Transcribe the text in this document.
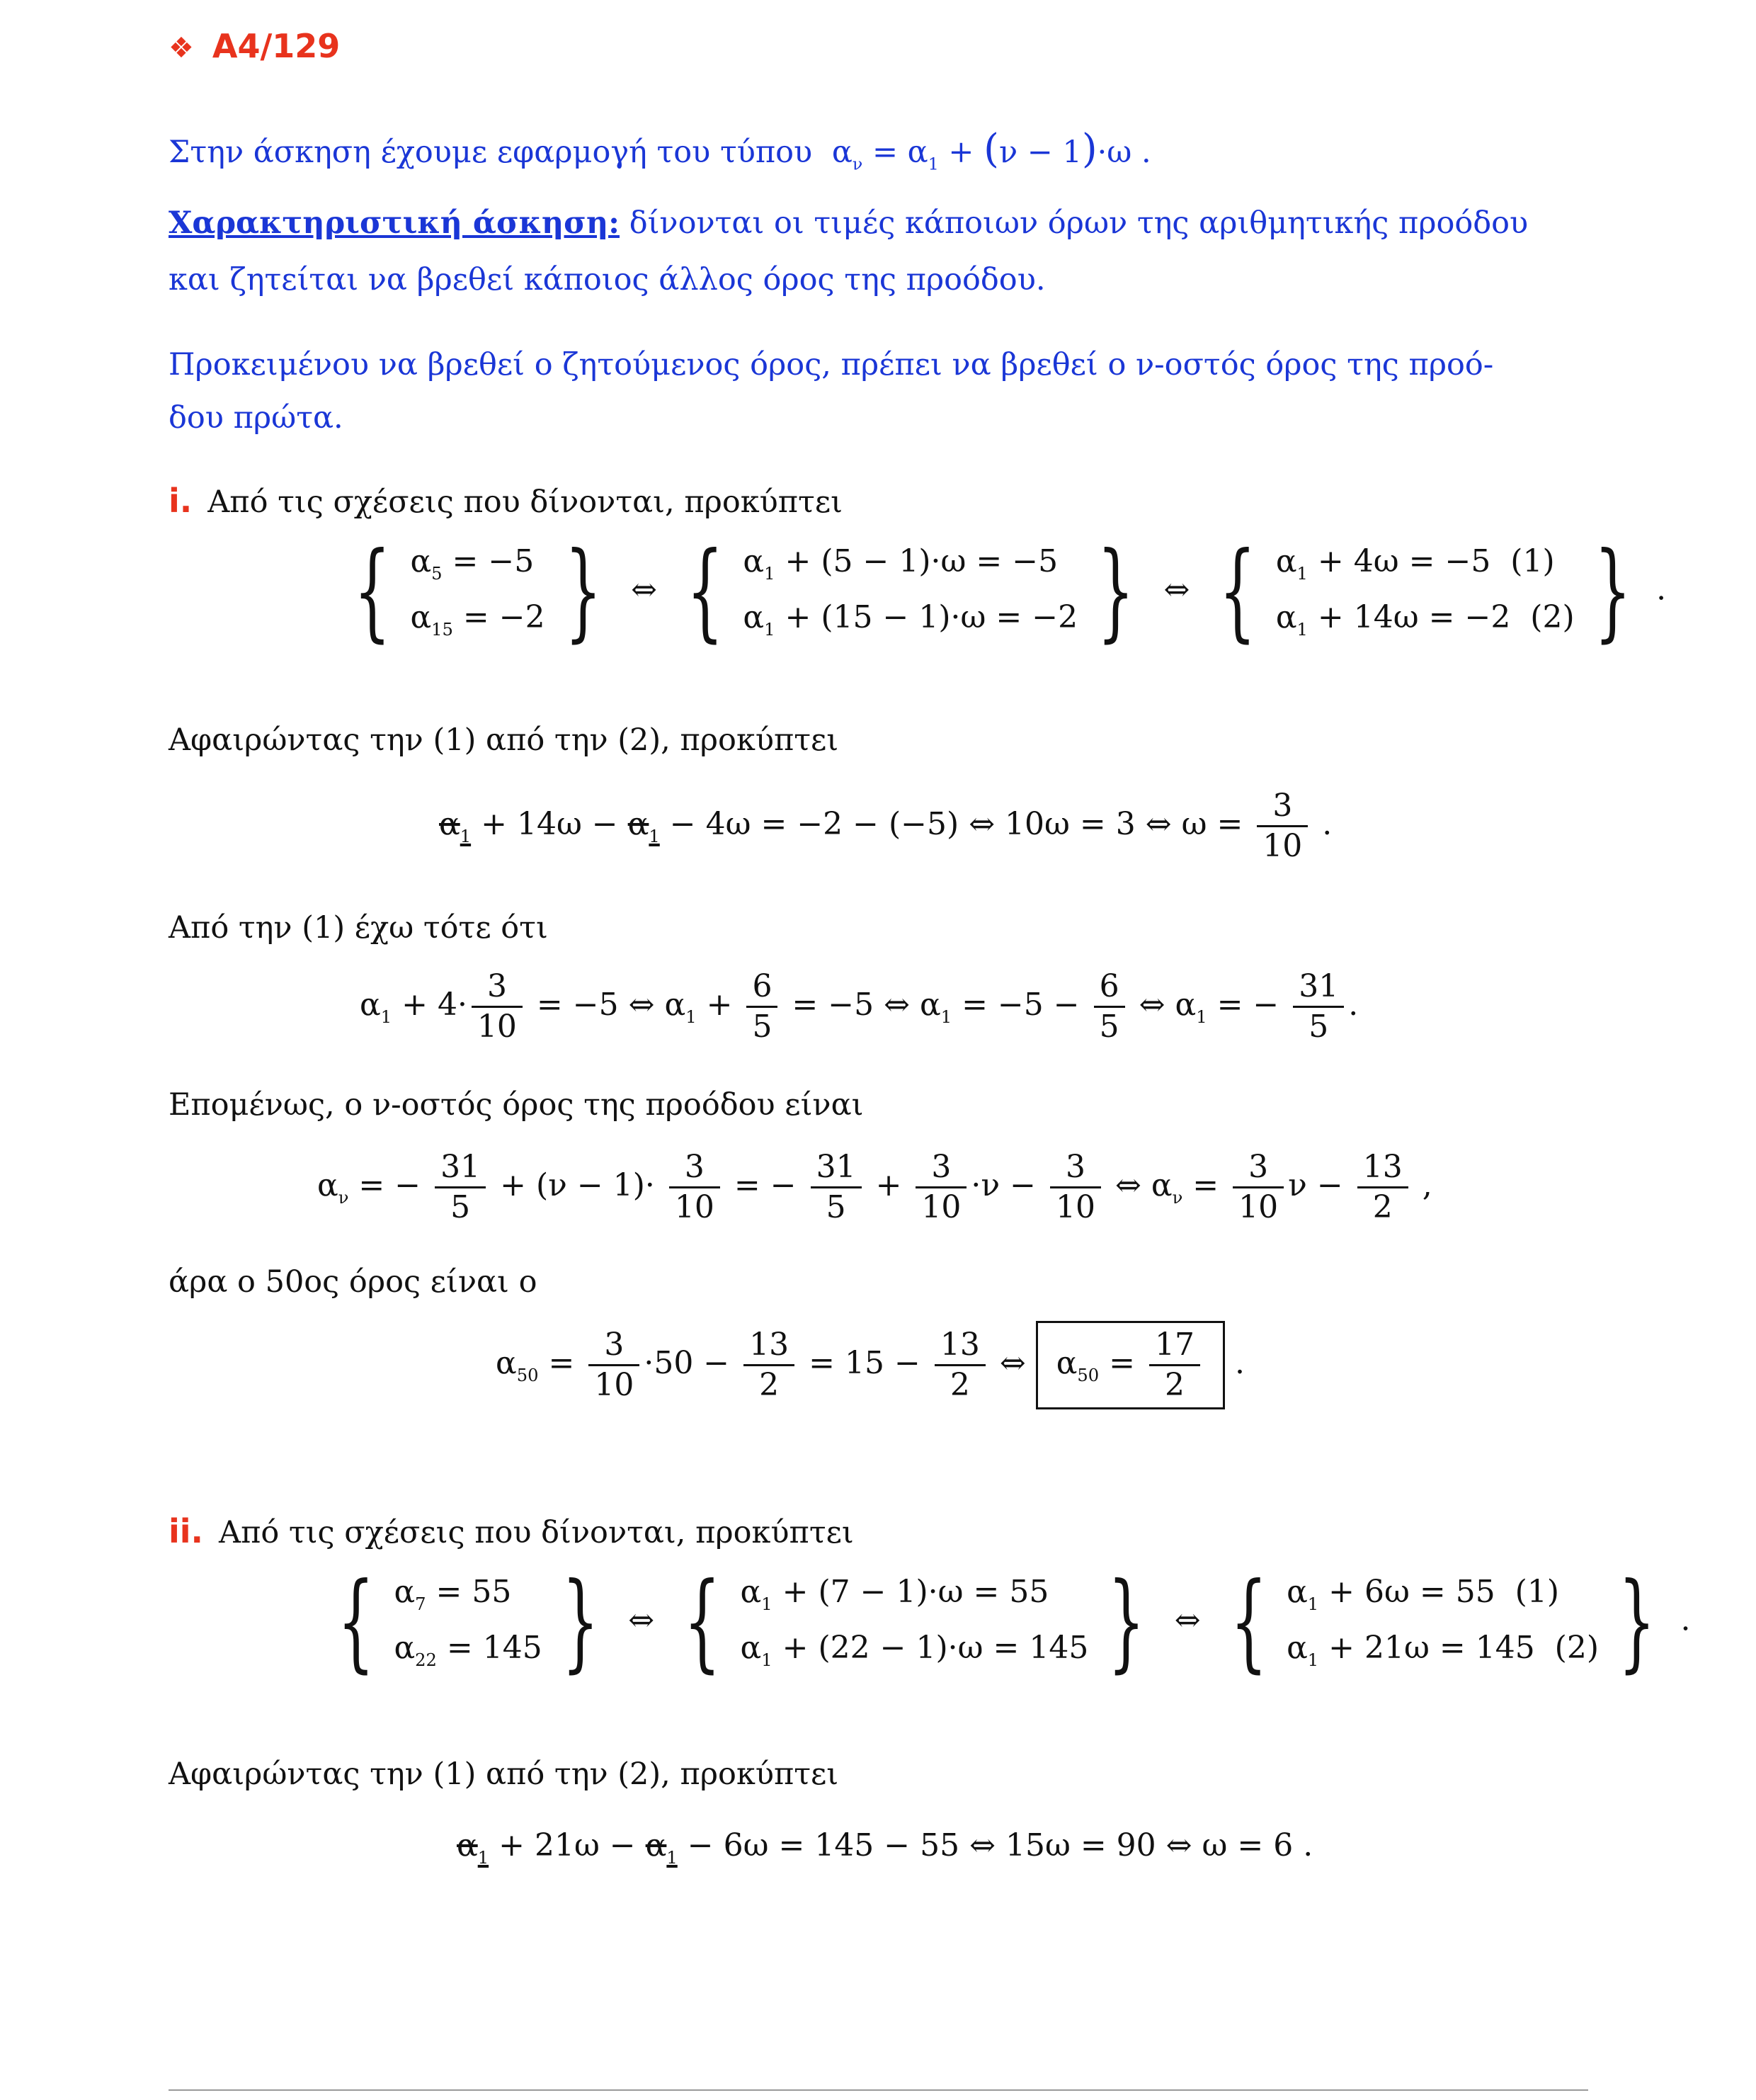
❖ A4/129
Στην άσκηση έχουμε εφαρμογή του τύπου $\alpha_\nu = \alpha_1 + (\nu - 1)\cdot\omega$ .
Χαρακτηριστική άσκηση: δίνονται οι τιμές κάποιων όρων της αριθμητικής προόδου
και ζητείται να βρεθεί κάποιος άλλος όρος της προόδου.
Προκειμένου να βρεθεί ο ζητούμενος όρος, πρέπει να βρεθεί ο ν-οστός όρος της προό-
δου πρώτα.
i. Από τις σχέσεις που δίνονται, προκύπτει
{ $\alpha_5 = -5$
$\alpha_{15} = -2$ } ⇔ { $\alpha_1 + (5 - 1)\cdot\omega = -5$
$\alpha_1 + (15 - 1)\cdot\omega = -2$ } ⇔ { $\alpha_1 + 4\omega = -5$  (1)
$\alpha_1 + 14\omega = -2$  (2) } .
Αφαιρώντας την (1) από την (2), προκύπτει
$\alpha_1 + 14\omega - \alpha_1 - 4\omega = -2 - (-5)$ ⇔ 10ω = 3 ⇔ $\omega = \frac{3}{10}$ .
Από την (1) έχω τότε ότι
$\alpha_1 + 4\cdot \frac{3}{10} = -5$ ⇔ $\alpha_1 + \frac{6}{5} = -5$ ⇔ $\alpha_1 = -5 - \frac{6}{5}$ ⇔ $\alpha_1$ = − $\frac{31}{5}$ .
Επομένως, ο ν-οστός όρος της προόδου είναι
$\alpha_\nu$ = − $\frac{31}{5} + (\nu - 1)\cdot \frac{3}{10}$ = − $\frac{31}{5} + \frac{3}{10} \cdot\nu - \frac{3}{10}$ ⇔ $\alpha_\nu = \frac{3}{10}$ $\nu - \frac{13}{2}$ ,
άρα ο 50ος όρος είναι ο
$\alpha_{50} = \frac{3}{10} \cdot 50 - \frac{13}{2} = 15 - \frac{13}{2}$ ⇔ $\alpha_{50} = \frac{17}{2}$ .
ii. Από τις σχέσεις που δίνονται, προκύπτει
{ $\alpha_7 = 55$
$\alpha_{22} = 145$ } ⇔ { $\alpha_1 + (7 - 1)\cdot\omega = 55$
$\alpha_1 + (22 - 1)\cdot\omega = 145$ } ⇔ { $\alpha_1 + 6\omega = 55$  (1)
$\alpha_1 + 21\omega = 145$  (2) } .
Αφαιρώντας την (1) από την (2), προκύπτει
$\alpha_1 + 21\omega - \alpha_1 - 6\omega = 145 - 55$ ⇔ 15ω = 90 ⇔ ω = 6 .
